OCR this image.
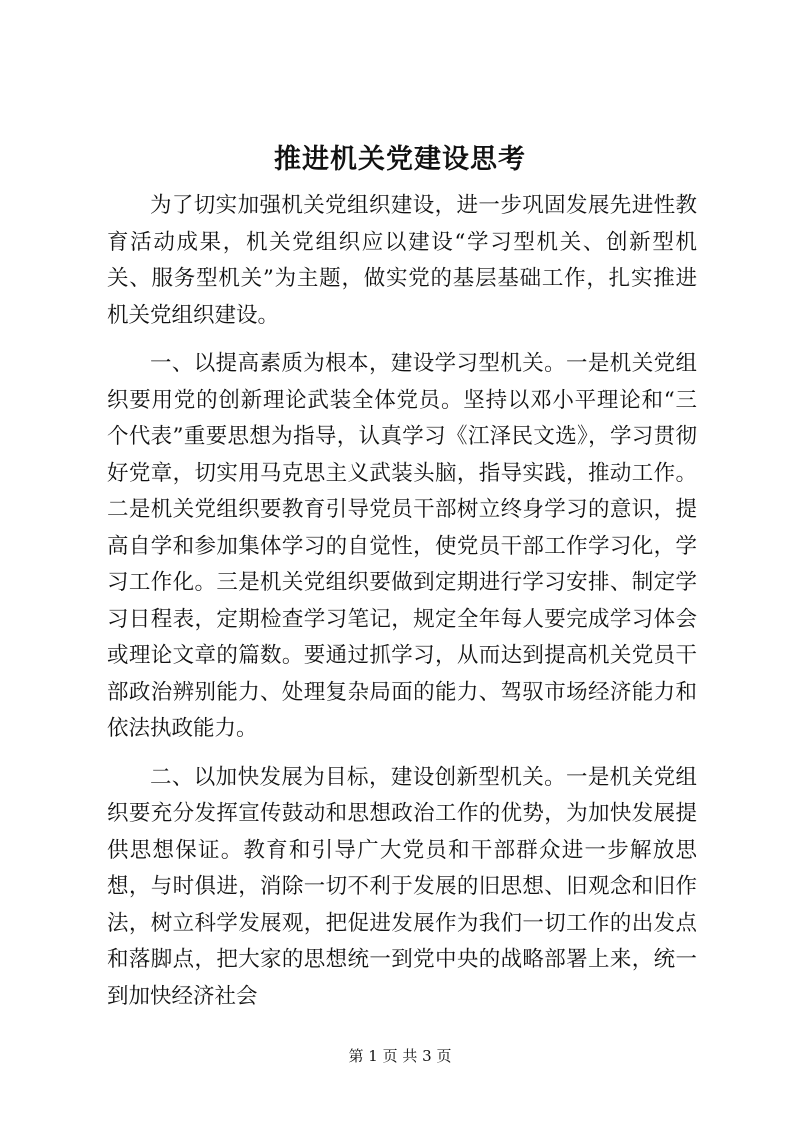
推进机关党建设思考

为了切实加强机关党组织建设，进一步巩固发展先进性教育活动成果，机关党组织应以建设“学习型机关、创新型机关、服务型机关”为主题，做实党的基层基础工作，扎实推进机关党组织建设。

一、以提高素质为根本，建设学习型机关。一是机关党组织要用党的创新理论武装全体党员。坚持以邓小平理论和“三个代表”重要思想为指导，认真学习《江泽民文选》，学习贯彻好党章，切实用马克思主义武装头脑，指导实践，推动工作。二是机关党组织要教育引导党员干部树立终身学习的意识，提高自学和参加集体学习的自觉性，使党员干部工作学习化，学习工作化。三是机关党组织要做到定期进行学习安排、制定学习日程表，定期检查学习笔记，规定全年每人要完成学习体会或理论文章的篇数。要通过抓学习，从而达到提高机关党员干部政治辨别能力、处理复杂局面的能力、驾驭市场经济能力和依法执政能力。

二、以加快发展为目标，建设创新型机关。一是机关党组织要充分发挥宣传鼓动和思想政治工作的优势，为加快发展提供思想保证。教育和引导广大党员和干部群众进一步解放思想，与时俱进，消除一切不利于发展的旧思想、旧观念和旧作法，树立科学发展观，把促进发展作为我们一切工作的出发点和落脚点，把大家的思想统一到党中央的战略部署上来，统一到加快经济社会

第 1 页 共 3 页
